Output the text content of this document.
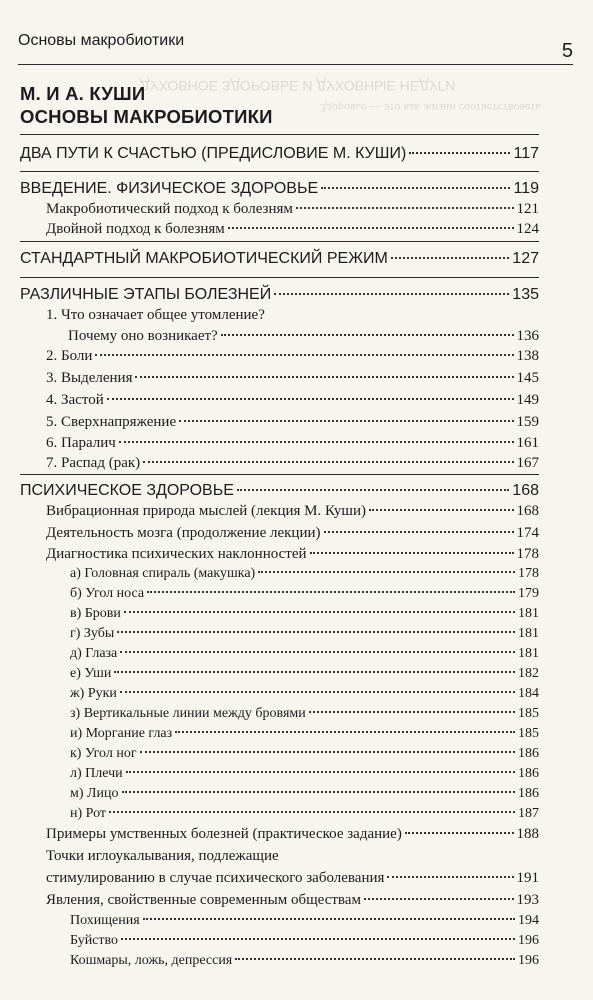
Основы макробиотики	5
ДУХОВНОЕ ЗДОРОВЬЕ И ДУХОВНЫЕ НЕДУГИ
Здоровье — это как жизни соответствовать
М. И А. КУШИ
ОСНОВЫ МАКРОБИОТИКИ
ДВА ПУТИ К СЧАСТЬЮ (ПРЕДИСЛОВИЕ М. КУШИ)	117
ВВЕДЕНИЕ. ФИЗИЧЕСКОЕ ЗДОРОВЬЕ	119
Макробиотический подход к болезням	121
Двойной подход к болезням	124
СТАНДАРТНЫЙ МАКРОБИОТИЧЕСКИЙ РЕЖИМ	127
РАЗЛИЧНЫЕ ЭТАПЫ БОЛЕЗНЕЙ	135
1. Что означает общее утомление?
Почему оно возникает?	136
2. Боли	138
3. Выделения	145
4. Застой	149
5. Сверхнапряжение	159
6. Паралич	161
7. Распад (рак)	167
ПСИХИЧЕСКОЕ ЗДОРОВЬЕ	168
Вибрационная природа мыслей (лекция М. Куши)	168
Деятельность мозга (продолжение лекции)	174
Диагностика психических наклонностей	178
а) Головная спираль (макушка)	178
б) Угол носа	179
в) Брови	181
г) Зубы	181
д) Глаза	181
е) Уши	182
ж) Руки	184
з) Вертикальные линии между бровями	185
и) Моргание глаз	185
к) Угол ног	186
л) Плечи	186
м) Лицо	186
н) Рот	187
Примеры умственных болезней (практическое задание)	188
Точки иглоукалывания, подлежащие
стимулированию в случае психического заболевания	191
Явления, свойственные современным обществам	193
Похищения	194
Буйство	196
Кошмары, ложь, депрессия	196
